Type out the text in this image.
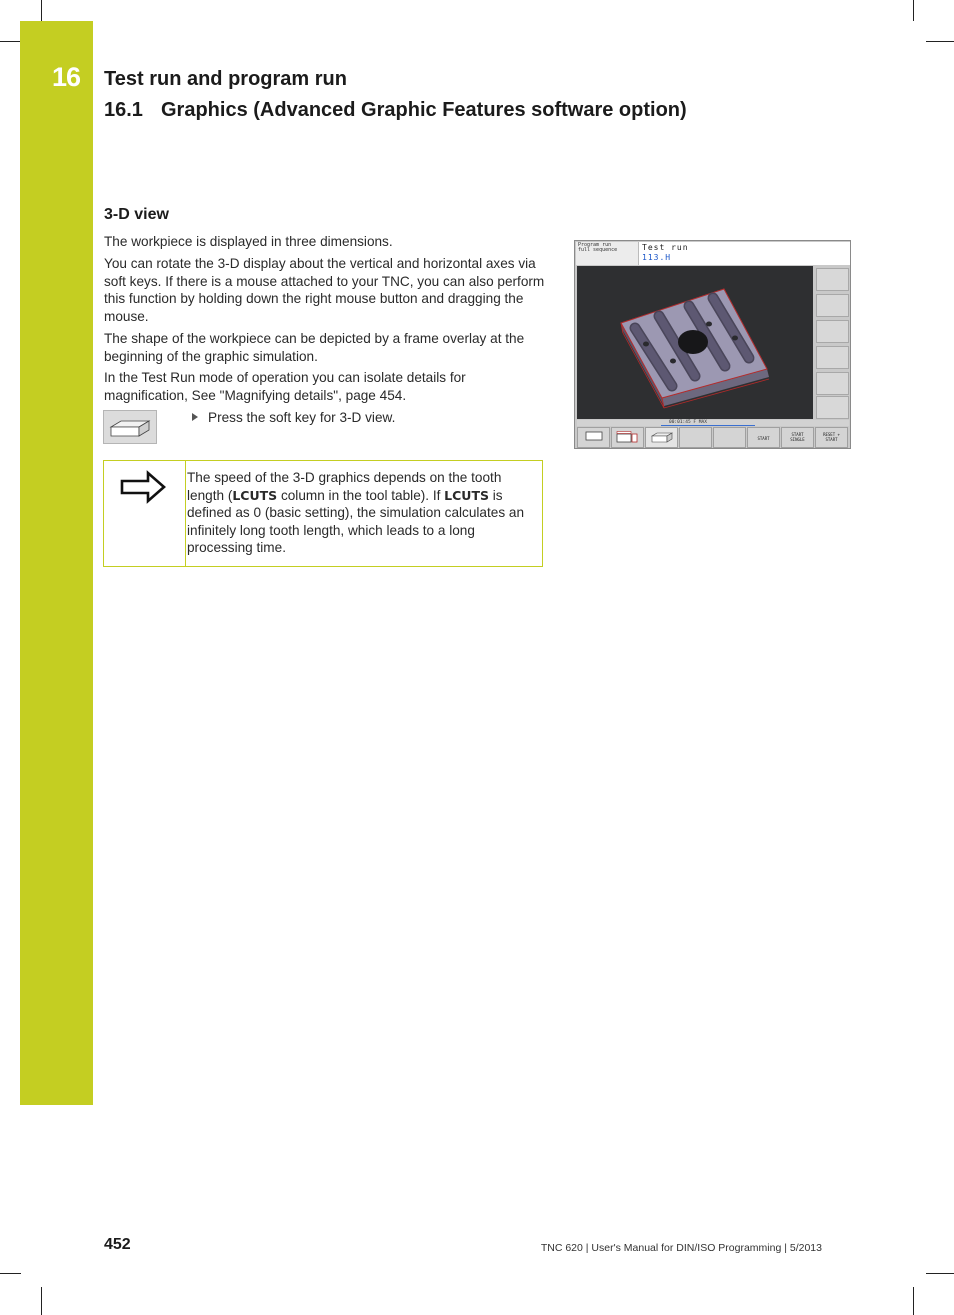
16 Test run and program run
16.1 Graphics (Advanced Graphic Features software option)
3-D view

The workpiece is displayed in three dimensions.

You can rotate the 3-D display about the vertical and horizontal axes via soft keys. If there is a mouse attached to your TNC, you can also perform this function by holding down the right mouse button and dragging the mouse.

The shape of the workpiece can be depicted by a frame overlay at the beginning of the graphic simulation.

In the Test Run mode of operation you can isolate details for magnification, See "Magnifying details", page 454.

Press the soft key for 3-D view.
The speed of the 3-D graphics depends on the tooth length (LCUTS column in the tool table). If LCUTS is defined as 0 (basic setting), the simulation calculates an infinitely long tooth length, which leads to a long processing time.
Program run
full sequence	Test run
113.H
00:01:45 F MAX
START
START SINGLE
RESET + START
452	TNC 620 | User's Manual for DIN/ISO Programming | 5/2013
